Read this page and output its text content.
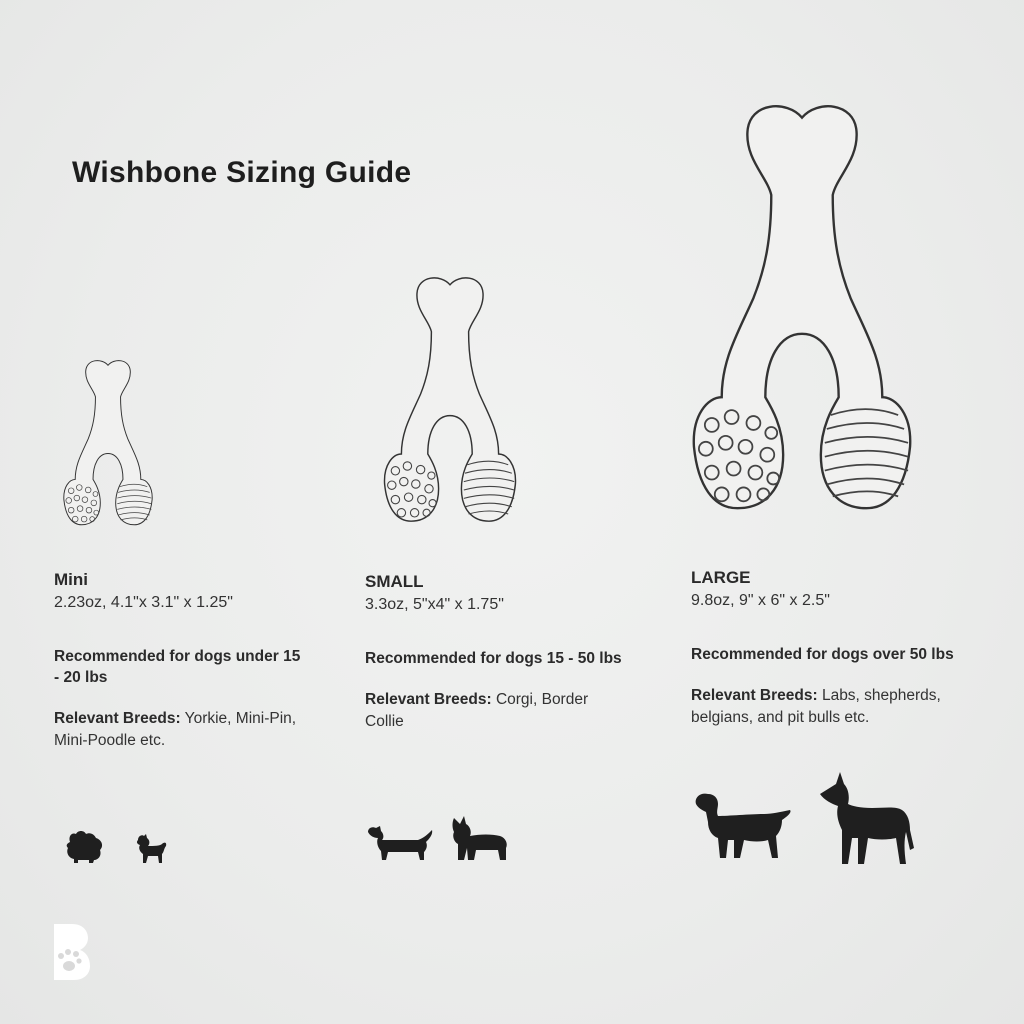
Wishbone Sizing Guide

Mini

2.23oz, 4.1"x 3.1" x 1.25"

Recommended for dogs under 15 - 20 lbs

Relevant Breeds: Yorkie, Mini-Pin, Mini-Poodle etc.

SMALL

3.3oz, 5"x4" x 1.75"

Recommended for dogs 15 - 50 lbs

Relevant Breeds: Corgi, Border Collie

LARGE

9.8oz, 9" x 6" x 2.5"

Recommended for dogs over 50 lbs

Relevant Breeds: Labs, shepherds, belgians, and pit bulls etc.
